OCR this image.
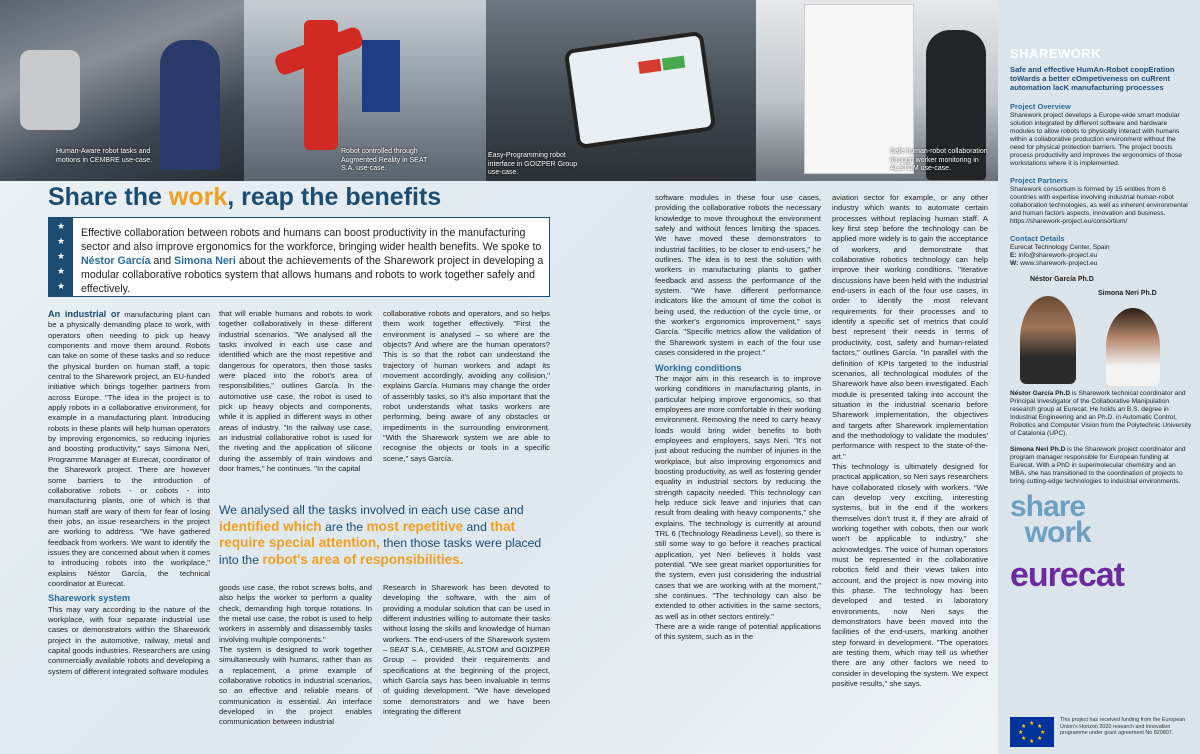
Human-Aware robot tasks and motions in CEMBRE use-case.
Robot controlled through Augmented Reality in SEAT S.A. use-case.
Easy-Programming robot interface in GOIZPER Group use-case.
Safe human-robot collaboration through worker monitoring in ALSTOM use-case.
Share the work, reap the benefits
★
★
★
★
★

Effective collaboration between robots and humans can boost productivity in the manufacturing sector and also improve ergonomics for the workforce, bringing wider health benefits. We spoke to Néstor García and Simona Neri about the achievements of the Sharework project in developing a modular collaborative robotics system that allows humans and robots to work together safely and effectively.

An industrial or manufacturing plant can be a physically demanding place to work, with operators often needing to pick up heavy components and move them around. Robots can take on some of these tasks and so reduce the physical burden on human staff, a topic central to the Sharework project, an EU-funded initiative which brings together partners from across Europe. "The idea in the project is to apply robots in a collaborative environment, for example in a manufacturing plant. Introducing robots in these plants will help human operators by improving ergonomics, so reducing injuries and boosting productivity," says Simona Neri, Programme Manager at Eurecat, coordinator of the Sharework project. There are however some barriers to the introduction of collaborative robots - or cobots - into manufacturing plants, one of which is that human staff are wary of them for fear of losing their jobs, an issue researchers in the project are working to address. "We have gathered feedback from workers. We want to identify the issues they are concerned about when it comes to introducing robots into the workplace," explains Néstor García, the technical coordinator at Eurecat.

Sharework system

This may vary according to the nature of the workplace, with four separate industrial use cases or demonstrators within the Sharework project in the automotive, railway, metal and capital goods industries. Researchers are using commercially available robots and developing a system of different integrated software modules

that will enable humans and robots to work together collaboratively in these different industrial scenarios. "We analysed all the tasks involved in each use case and identified which are the most repetitive and dangerous for operators, then those tasks were placed into the robot's area of responsibilities," outlines García. In the automotive use case, the robot is used to pick up heavy objects and components, while it is applied in different ways in other areas of industry. "In the railway use case, an industrial collaborative robot is used for the riveting and the application of silicone during the assembly of train windows and door frames," he continues. "In the capital

collaborative robots and operators, and so helps them work together effectively. "First the environment is analysed – so where are the objects? And where are the human operators? This is so that the robot can understand the trajectory of human workers and adapt its movement accordingly, avoiding any collision," explains García. Humans may change the order of assembly tasks, so it's also important that the robot understands what tasks workers are performing, being aware of any obstacles or impediments in the surrounding environment. "With the Sharework system we are able to recognise the objects or tools in a specific scene," says García.

We analysed all the tasks involved in each use case and identified which are the most repetitive and that require special attention, then those tasks were placed into the robot's area of responsibilities.

goods use case, the robot screws bolts, and also helps the worker to perform a quality check, demanding high torque rotations. In the metal use case, the robot is used to help workers in assembly and disassembly tasks involving multiple components."
The system is designed to work together simultaneously with humans, rather than as a replacement, a prime example of collaborative robotics in industrial scenarios, so an effective and reliable means of communication is essential. An interface developed in the project enables communication between industrial

Research in Sharework has been devoted to developing the software, with the aim of providing a modular solution that can be used in different industries willing to automate their tasks without losing the skills and knowledge of human workers. The end-users of the Sharework system – SEAT S.A., CEMBRE, ALSTOM and GOIZPER Group – provided their requirements and specifications at the beginning of the project, which García says has been invaluable in terms of guiding development. "We have developed some demonstrators and we have been integrating the different

software modules in these four use cases, providing the collaborative robots the necessary knowledge to move throughout the environment safely and without fences limiting the spaces. We have moved these demonstrators to industrial facilities, to be closer to end-users," he outlines. The idea is to test the solution with workers in manufacturing plants to gather feedback and assess the performance of the system. "We have different performance indicators like the amount of time the cobot is being used, the reduction of the cycle time, or the worker's ergonomics improvement," says García. "Specific metrics allow the validation of the Sharework system in each of the four use cases considered in the project."

Working conditions

The major aim in this research is to improve working conditions in manufacturing plants, in particular helping improve ergonomics, so that employees are more comfortable in their working environment. Removing the need to carry heavy loads would bring wider benefits to both employees and employers, says Neri. "It's not just about reducing the number of injuries in the workplace, but also improving ergonomics and boosting productivity, as well as fostering gender equality in industrial sectors by reducing the strength capacity needed. This technology can help reduce sick leave and injuries that can result from dealing with heavy components," she explains. The technology is currently at around TRL 6 (Technology Readiness Level), so there is still some way to go before it reaches practical application, yet Neri believes it holds vast potential. "We see great market opportunities for the system, even just considering the industrial cases that we are working with at the moment," she continues. "The technology can also be extended to other activities in the same sectors, as well as in other sectors entirely."
There are a wide range of potential applications of this system, such as in the

aviation sector for example, or any other industry which wants to automate certain processes without replacing human staff. A key first step before the technology can be applied more widely is to gain the acceptance of workers, and demonstrate that collaborative robotics technology can help improve their working conditions. "Iterative discussions have been held with the industrial end-users in each of the four use cases, in order to identify the most relevant requirements for their processes and to identify a specific set of metrics that could best represent their needs in terms of productivity, cost, safety and human-related factors," outlines García. "In parallel with the definition of KPIs targeted to the industrial scenarios, all technological modules of the Sharework have also been investigated. Each module is presented taking into account the situation in the industrial scenario before Sharework implementation, the objectives and targets after Sharework implementation and the methodology to validate the modules' performance with respect to the state-of-the-art."
This technology is ultimately designed for practical application, so Neri says researchers have collaborated closely with workers. "We can develop very exciting, interesting systems, but in the end if the workers themselves don't trust it, if they are afraid of working together with cobots, then our work won't be applicable to industry," she acknowledges. The voice of human operators must be represented in the collaborative robotics field and their views taken into account, and the project is now moving into this phase. The technology has been developed and tested in laboratory environments, now Neri says the demonstrators have been moved into the facilities of the end-users, marking another step forward in development. "The operators are testing them, which may tell us whether there are any other factors we need to consider in developing the system. We expect positive results," she says.

SHAREWORK
Safe and effective HumAn-Robot coopEration toWards a better cOmpetiveness on cuRrent automation lacK manufacturing processes
Project Overview
Sharework project develops a Europe-wide smart modular solution integrated by different software and hardware modules to allow robots to physically interact with humans within a collaborative production environment without the need for physical protection barriers. The project boosts process productivity and improves the ergonomics of those workstations where it is implemented.
Project Partners
Sharework consortium is formed by 15 entities from 6 countries with expertise involving industrial human-robot collaboration technologies, as well as inherent environmental and human factors aspects, innovation and business. https://sharework-project.eu/consortium/
Contact Details
Eurecat Technology Center, Spain
E: info@sharework-project.eu
W: www.sharework-project.eu
Néstor García Ph.D
Simona Neri Ph.D
Néstor García Ph.D is Sharework technical coordinator and Principal Investigator of the Collaborative Manipulation research group at Eurecat. He holds an B.S. degree in Industrial Engineering and an Ph.D. in Automatic Control, Robotics and Computer Vision from the Polytechnic University of Catalonia (UPC).
Simona Neri Ph.D is the Sharework project coordinator and program manager responsible for European funding at Eurecat. With a PhD in supermolecular chemistry and an MBA, she has transitioned to the coordination of projects to bring cutting-edge technologies to industrial environments.
share
work
eurecat
★ ★
★
★
★
★
★
★
This project has received funding from the European Union's Horizon 2020 research and innovation programme under grant agreement No 820807.
